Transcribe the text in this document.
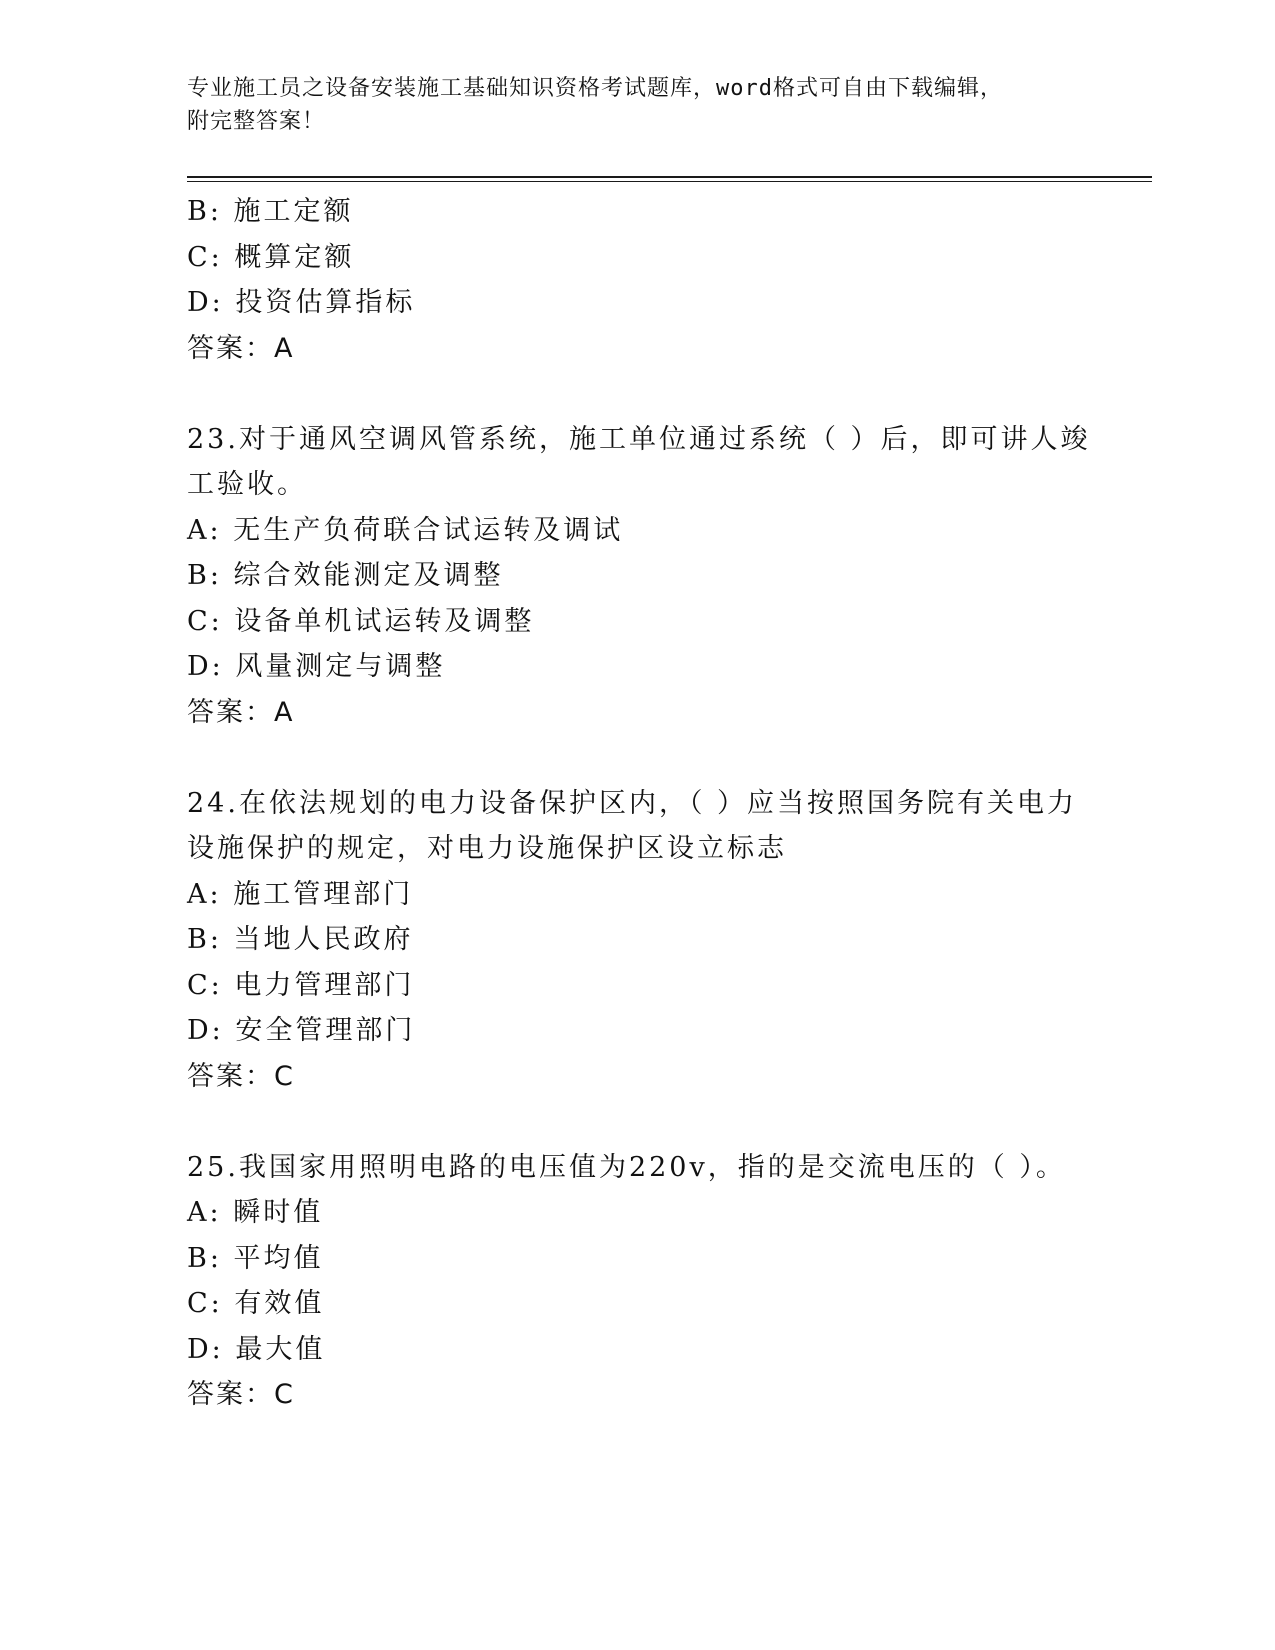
专业施工员之设备安装施工基础知识资格考试题库，word格式可自由下载编辑，
附完整答案！
B: 施工定额
C: 概算定额
D: 投资估算指标
答案：A
23.对于通风空调风管系统，施工单位通过系统（ ）后，即可讲人竣
工验收。
A: 无生产负荷联合试运转及调试
B: 综合效能测定及调整
C: 设备单机试运转及调整
D: 风量测定与调整
答案：A
24.在依法规划的电力设备保护区内，（ ）应当按照国务院有关电力
设施保护的规定，对电力设施保护区设立标志
A: 施工管理部门
B: 当地人民政府
C: 电力管理部门
D: 安全管理部门
答案：C
25.我国家用照明电路的电压值为220v，指的是交流电压的（ ）。
A: 瞬时值
B: 平均值
C: 有效值
D: 最大值
答案：C
